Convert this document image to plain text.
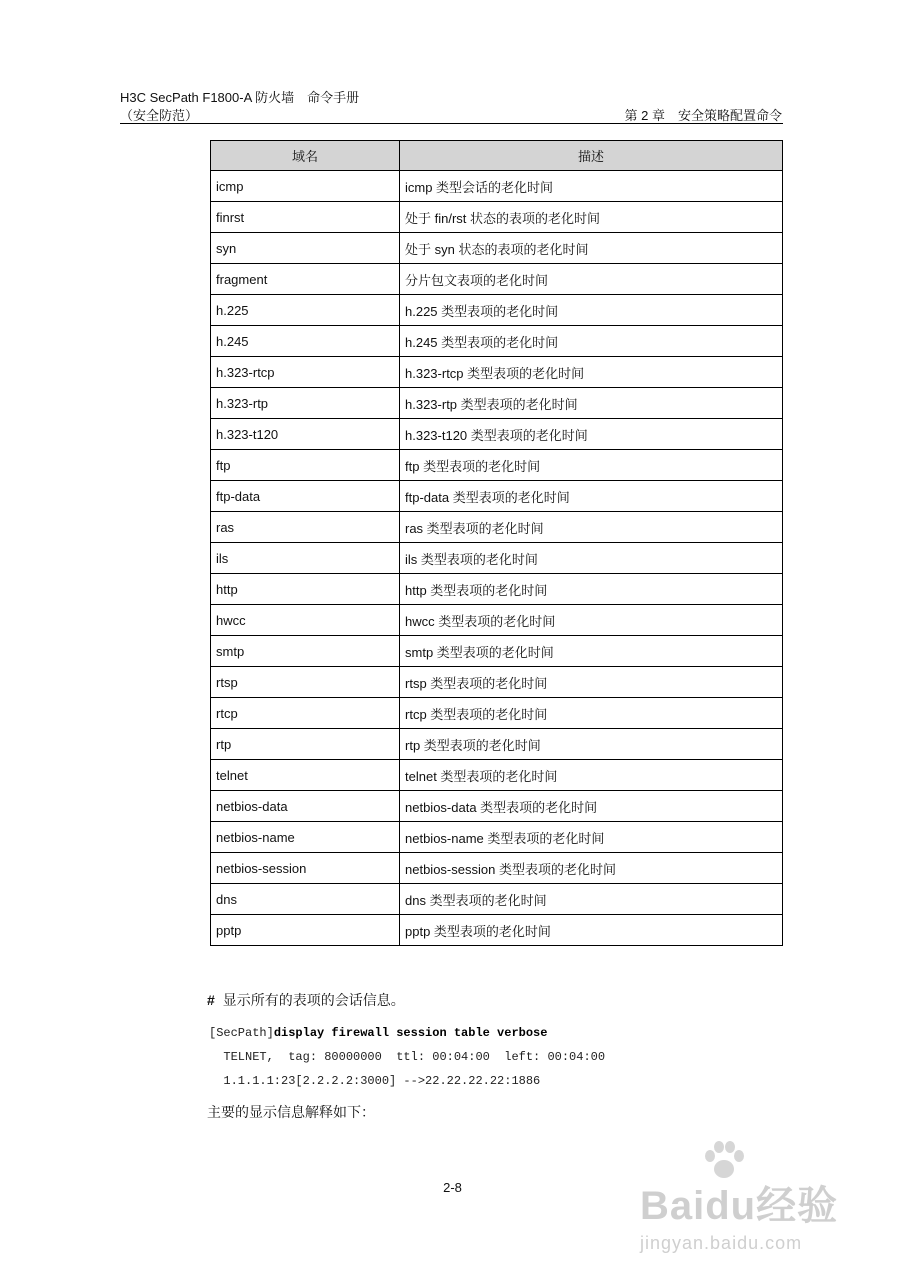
H3C SecPath F1800-A 防火墙　命令手册
（安全防范）	第 2 章　安全策略配置命令
域名	描述
icmp	icmp 类型会话的老化时间
finrst	处于 fin/rst 状态的表项的老化时间
syn	处于 syn 状态的表项的老化时间
fragment	分片包文表项的老化时间
h.225	h.225 类型表项的老化时间
h.245	h.245 类型表项的老化时间
h.323-rtcp	h.323-rtcp 类型表项的老化时间
h.323-rtp	h.323-rtp 类型表项的老化时间
h.323-t120	h.323-t120 类型表项的老化时间
ftp	ftp 类型表项的老化时间
ftp-data	ftp-data 类型表项的老化时间
ras	ras 类型表项的老化时间
ils	ils 类型表项的老化时间
http	http 类型表项的老化时间
hwcc	hwcc 类型表项的老化时间
smtp	smtp 类型表项的老化时间
rtsp	rtsp 类型表项的老化时间
rtcp	rtcp 类型表项的老化时间
rtp	rtp 类型表项的老化时间
telnet	telnet 类型表项的老化时间
netbios-data	netbios-data 类型表项的老化时间
netbios-name	netbios-name 类型表项的老化时间
netbios-session	netbios-session 类型表项的老化时间
dns	dns 类型表项的老化时间
pptp	pptp 类型表项的老化时间
# 显示所有的表项的会话信息。
[SecPath]display firewall session table verbose
TELNET,  tag: 80000000  ttl: 00:04:00  left: 00:04:00
1.1.1.1:23[2.2.2.2:3000] -->22.22.22.22:1886
主要的显示信息解释如下：
2-8	Baidu经验
jingyan.baidu.com
